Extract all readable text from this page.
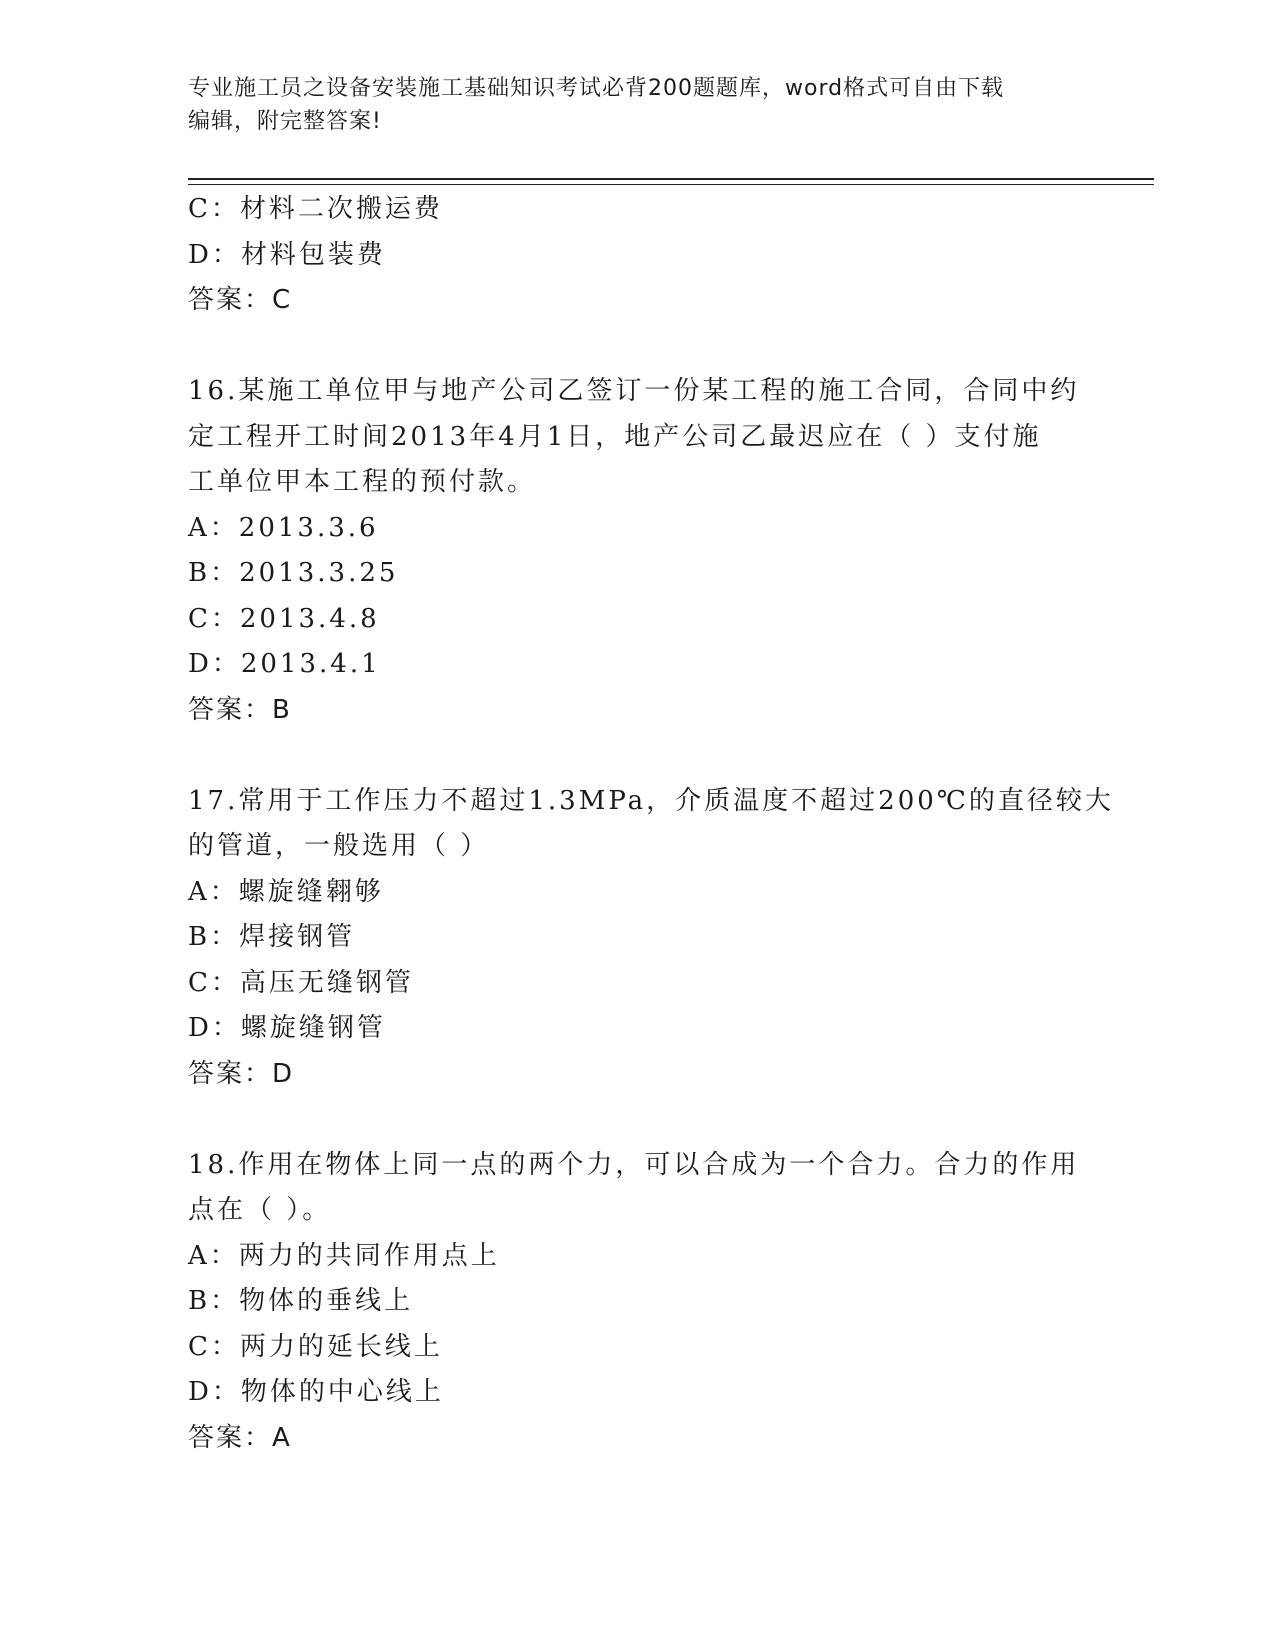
专业施工员之设备安装施工基础知识考试必背200题题库，word格式可自由下载
编辑，附完整答案!
C：材料二次搬运费
D：材料包装费
答案：C
16.某施工单位甲与地产公司乙签订一份某工程的施工合同，合同中约
定工程开工时间2013年4月1日，地产公司乙最迟应在（ ）支付施
工单位甲本工程的预付款。
A：2013.3.6
B：2013.3.25
C：2013.4.8
D：2013.4.1
答案：B
17.常用于工作压力不超过1.3MPa，介质温度不超过200℃的直径较大
的管道，一般选用（ ）
A：螺旋缝翱够
B：焊接钢管
C：高压无缝钢管
D：螺旋缝钢管
答案：D
18.作用在物体上同一点的两个力，可以合成为一个合力。合力的作用
点在（ ）。
A：两力的共同作用点上
B：物体的垂线上
C：两力的延长线上
D：物体的中心线上
答案：A
